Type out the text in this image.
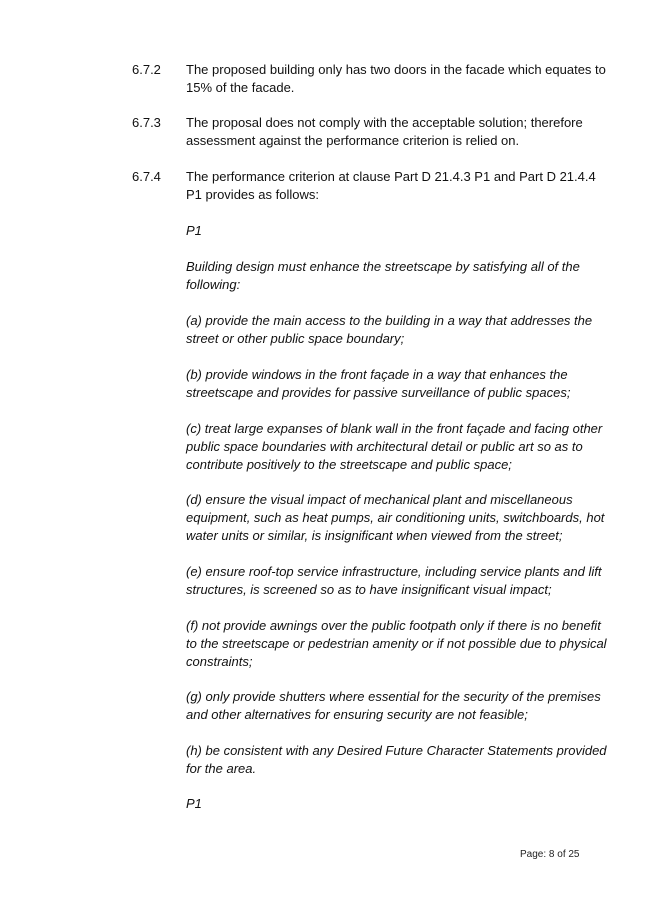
6.7.2 The proposed building only has two doors in the facade which equates to 15% of the facade.
6.7.3 The proposal does not comply with the acceptable solution; therefore assessment against the performance criterion is relied on.
6.7.4 The performance criterion at clause Part D 21.4.3 P1 and Part D 21.4.4 P1 provides as follows:
P1
Building design must enhance the streetscape by satisfying all of the following:
(a) provide the main access to the building in a way that addresses the street or other public space boundary;
(b) provide windows in the front façade in a way that enhances the streetscape and provides for passive surveillance of public spaces;
(c) treat large expanses of blank wall in the front façade and facing other public space boundaries with architectural detail or public art so as to contribute positively to the streetscape and public space;
(d) ensure the visual impact of mechanical plant and miscellaneous equipment, such as heat pumps, air conditioning units, switchboards, hot water units or similar, is insignificant when viewed from the street;
(e) ensure roof-top service infrastructure, including service plants and lift structures, is screened so as to have insignificant visual impact;
(f) not provide awnings over the public footpath only if there is no benefit to the streetscape or pedestrian amenity or if not possible due to physical constraints;
(g) only provide shutters where essential for the security of the premises and other alternatives for ensuring security are not feasible;
(h) be consistent with any Desired Future Character Statements provided for the area.
P1
Page: 8 of 25
